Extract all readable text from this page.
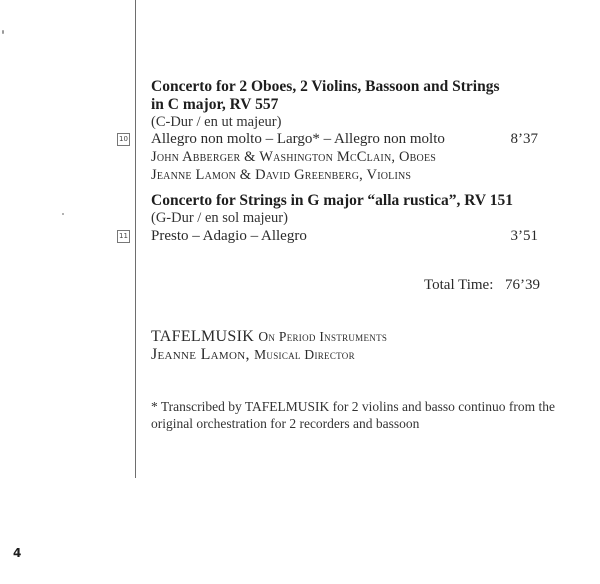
Concerto for 2 Oboes, 2 Violins, Bassoon and Strings
in C major, RV 557
(C-Dur / en ut majeur)
10 Allegro non molto – Largo* – Allegro non molto	8’37
John Abberger & Washington McClain, Oboes
Jeanne Lamon & David Greenberg, Violins
Concerto for Strings in G major “alla rustica”, RV 151
(G-Dur / en sol majeur)
11 Presto – Adagio – Allegro	3’51
Total Time: 76’39
TAFELMUSIK On Period Instruments
Jeanne Lamon, Musical Director
* Transcribed by TAFELMUSIK for 2 violins and basso continuo from the
original orchestration for 2 recorders and bassoon
4
